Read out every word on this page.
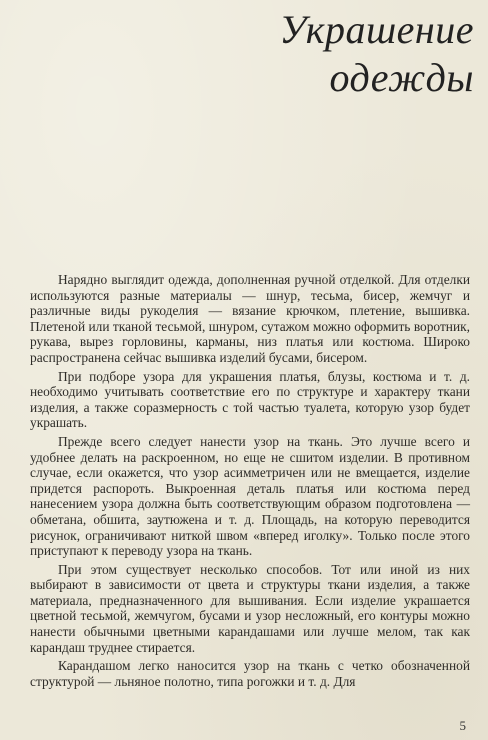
Украшение
одежды

Нарядно выглядит одежда, дополненная ручной отделкой. Для отделки используются разные материалы — шнур, тесьма, бисер, жемчуг и различные виды рукоделия — вязание крючком, плетение, вышивка. Плетеной или тканой тесьмой, шнуром, сутажом можно оформить воротник, рукава, вырез горловины, карманы, низ платья или костюма. Широко распространена сейчас вышивка изделий бусами, бисером.

При подборе узора для украшения платья, блузы, костюма и т. д. необходимо учитывать соответствие его по структуре и характеру ткани изделия, а также соразмерность с той частью туалета, которую узор будет украшать.

Прежде всего следует нанести узор на ткань. Это лучше всего и удобнее делать на раскроенном, но еще не сшитом изделии. В противном случае, если окажется, что узор асимметричен или не вмещается, изделие придется распороть. Выкроенная деталь платья или костюма перед нанесением узора должна быть соответствующим образом подготовлена — обметана, обшита, заутюжена и т. д. Площадь, на которую переводится рисунок, ограничивают ниткой швом «вперед иголку». Только после этого приступают к переводу узора на ткань.

При этом существует несколько способов. Тот или иной из них выбирают в зависимости от цвета и структуры ткани изделия, а также материала, предназначенного для вышивания. Если изделие украшается цветной тесьмой, жемчугом, бусами и узор несложный, его контуры можно нанести обычными цветными карандашами или лучше мелом, так как карандаш труднее стирается.

Карандашом легко наносится узор на ткань с четко обозначенной структурой — льняное полотно, типа рогожки и т. д. Для

5
